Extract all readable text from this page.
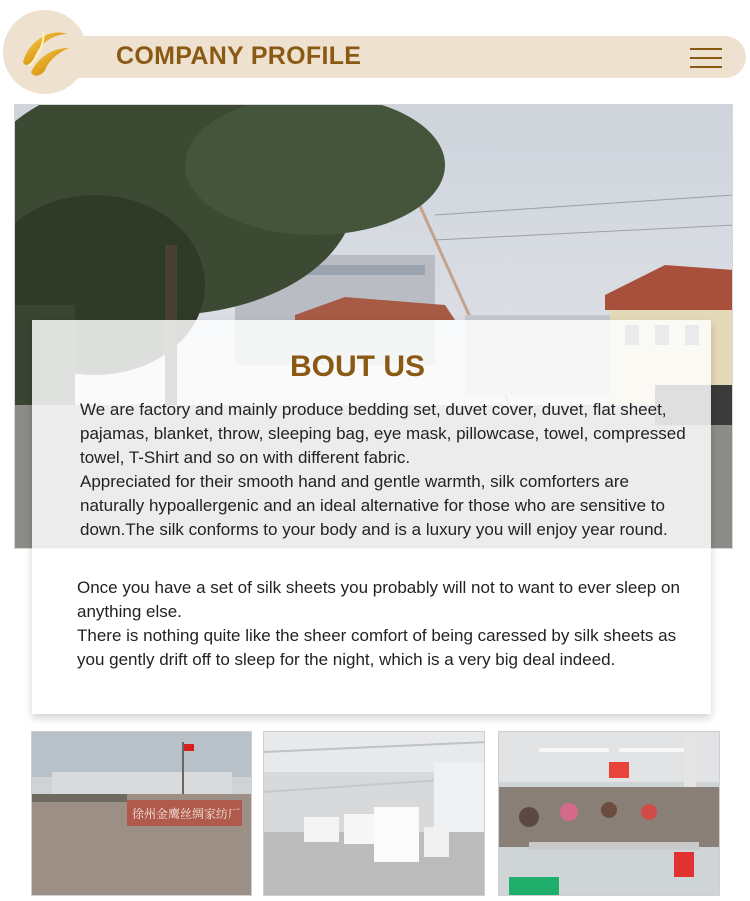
COMPANY PROFILE
BOUT US

We are factory and mainly produce bedding set, duvet cover, duvet, flat sheet, pajamas, blanket, throw, sleeping bag, eye mask, pillowcase, towel, compressed towel, T-Shirt and so on with different fabric.

Appreciated for their smooth hand and gentle warmth, silk comforters are naturally hypoallergenic and an ideal alternative for those who are sensitive to down.The silk conforms to your body and is a luxury you will enjoy year round.

Once you have a set of silk sheets you probably will not to want to ever sleep on anything else.

There is nothing quite like the sheer comfort of being caressed by silk sheets as you gently drift off to sleep for the night, which is a very big deal indeed.

徐州金鹰丝绸家纺厂
